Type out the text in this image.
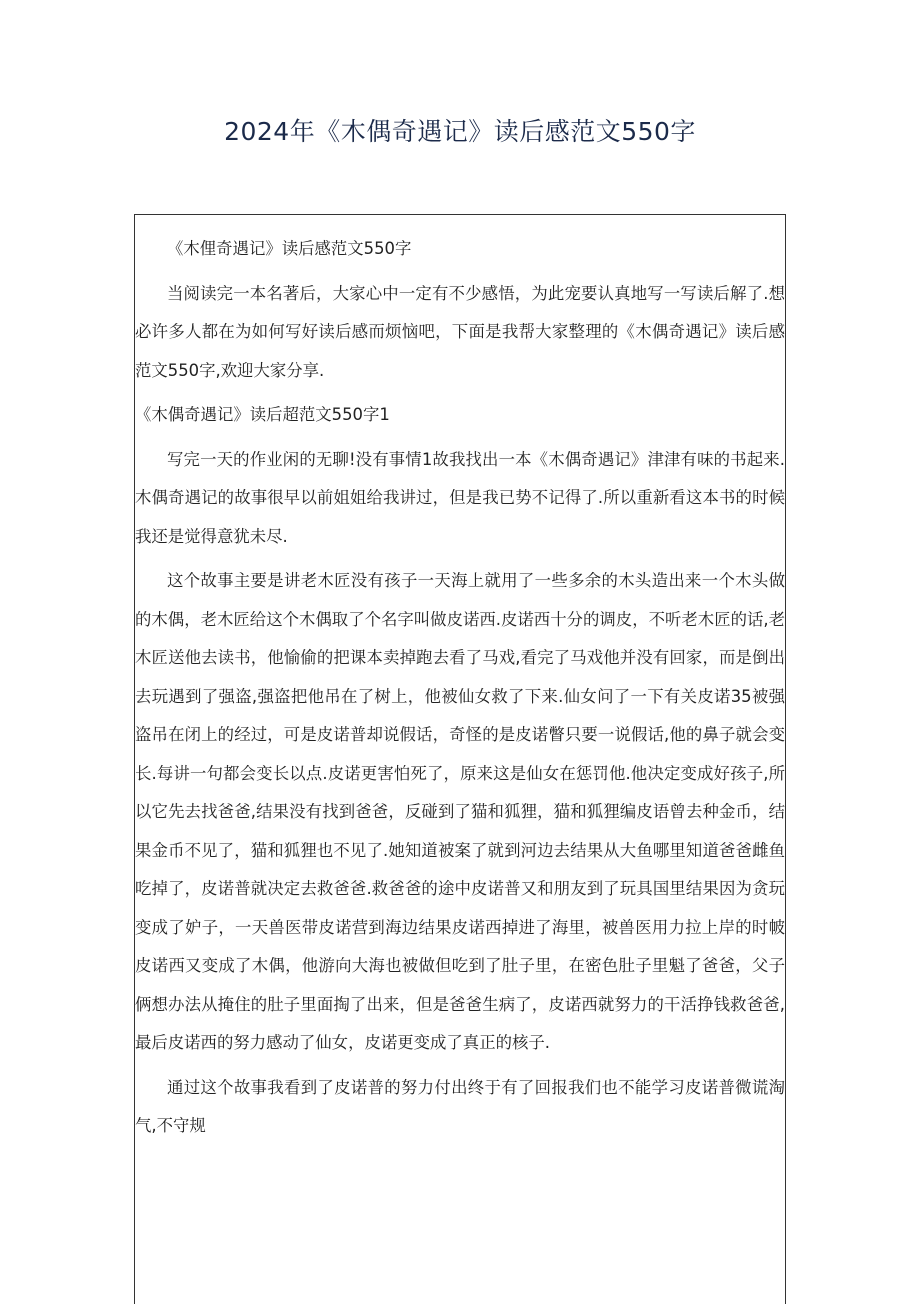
2024年《木偶奇遇记》读后感范文550字

《木俚奇遇记》读后感范文550字

当阅读完一本名著后，大家心中一定有不少感悟，为此宠要认真地写一写读后解了.想必许多人都在为如何写好读后感而烦恼吧，下面是我帮大家整理的《木偶奇遇记》读后感范文550字,欢迎大家分享.

《木偶奇遇记》读后超范文550字1

写完一天的作业闲的无聊!没有事情1故我找出一本《木偶奇遇记》津津有味的书起来.木偶奇遇记的故事很早以前姐姐给我讲过，但是我已势不记得了.所以重新看这本书的时候我还是觉得意犹未尽.

这个故事主要是讲老木匠没有孩子一天海上就用了一些多余的木头造出来一个木头做的木偶，老木匠给这个木偶取了个名字叫做皮诺西.皮诺西十分的调皮，不听老木匠的话,老木匠送他去读书，他愉偷的把课本卖掉跑去看了马戏,看完了马戏他并没有回家，而是倒出去玩遇到了强盗,强盗把他吊在了树上，他被仙女救了下来.仙女问了一下有关皮诺35被强盗吊在闭上的经过，可是皮诺普却说假话，奇怪的是皮诺瞥只要一说假话,他的鼻子就会变长.每讲一句都会变长以点.皮诺更害怕死了，原来这是仙女在惩罚他.他决定变成好孩子,所以它先去找爸爸,结果没有找到爸爸，反碰到了猫和狐狸，猫和狐狸编皮语曾去种金币，结果金币不见了，猫和狐狸也不见了.她知道被案了就到河边去结果从大鱼哪里知道爸爸雌鱼吃掉了，皮诺普就决定去救爸爸.救爸爸的途中皮诺普又和朋友到了玩具国里结果因为贪玩变成了妒子，一天兽医带皮诺营到海边结果皮诺西掉进了海里，被兽医用力拉上岸的时帔皮诺西又变成了木偶，他游向大海也被做但吃到了肚子里，在密色肚子里魁了爸爸，父子俩想办法从掩住的肚子里面掏了出来，但是爸爸生病了，皮诺西就努力的干活挣钱救爸爸,最后皮诺西的努力感动了仙女，皮诺更变成了真正的核子.

通过这个故事我看到了皮诺普的努力付出终于有了回报我们也不能学习皮诺普微谎淘气,不守规
